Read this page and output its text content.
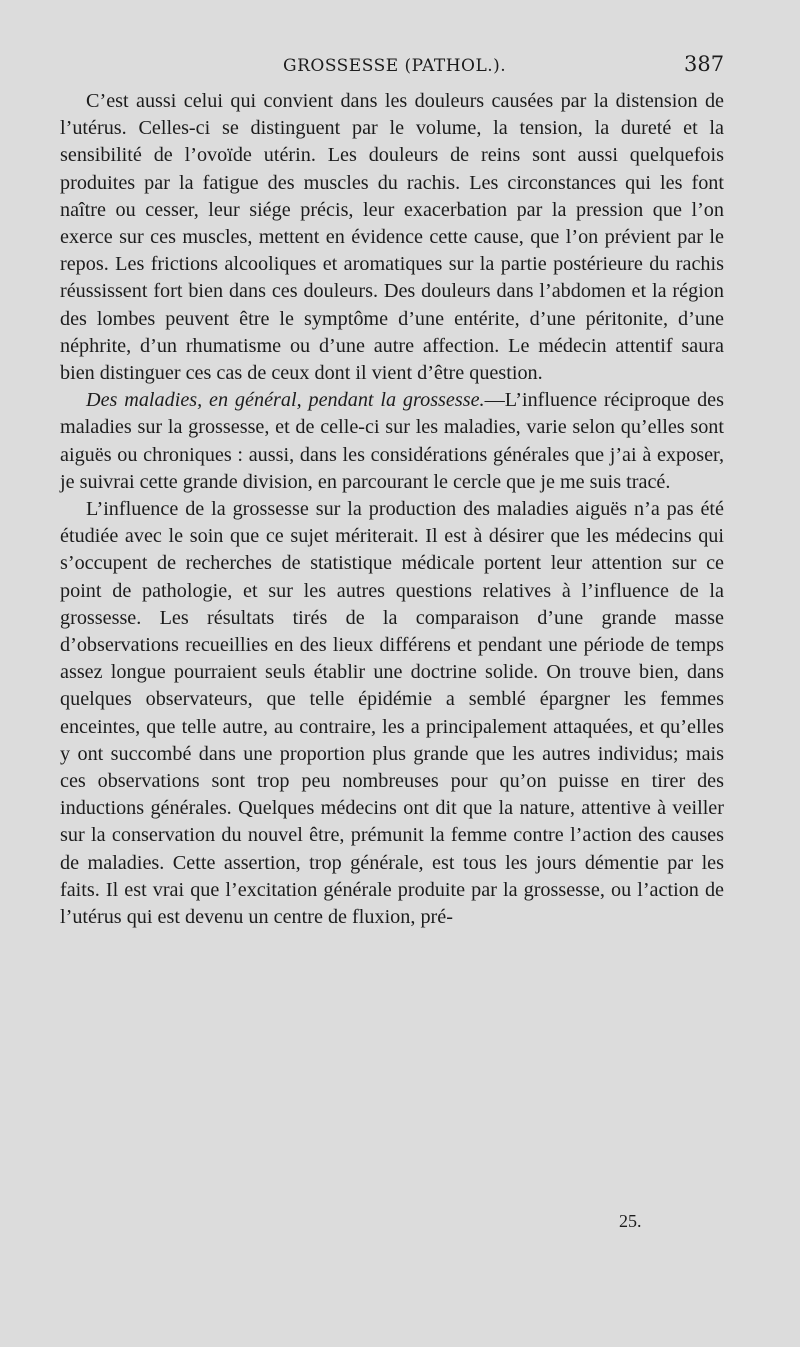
GROSSESSE (PATHOL.).	387

C’est aussi celui qui convient dans les douleurs causées par la distension de l’utérus. Celles-ci se distinguent par le volume, la tension, la dureté et la sensibilité de l’ovoïde utérin. Les douleurs de reins sont aussi quelquefois produites par la fatigue des muscles du rachis. Les circonstances qui les font naître ou cesser, leur siége précis, leur exacerbation par la pression que l’on exerce sur ces muscles, mettent en évidence cette cause, que l’on prévient par le repos. Les frictions alcooliques et aromatiques sur la partie postérieure du rachis réussissent fort bien dans ces douleurs. Des douleurs dans l’abdomen et la région des lombes peuvent être le symptôme d’une entérite, d’une péritonite, d’une néphrite, d’un rhumatisme ou d’une autre affection. Le médecin attentif saura bien distinguer ces cas de ceux dont il vient d’être question.

Des maladies, en général, pendant la grossesse.—L’influence réciproque des maladies sur la grossesse, et de celle-ci sur les maladies, varie selon qu’elles sont aiguës ou chroniques : aussi, dans les considérations générales que j’ai à exposer, je suivrai cette grande division, en parcourant le cercle que je me suis tracé.

L’influence de la grossesse sur la production des maladies aiguës n’a pas été étudiée avec le soin que ce sujet mériterait. Il est à désirer que les médecins qui s’occupent de recherches de statistique médicale portent leur attention sur ce point de pathologie, et sur les autres questions relatives à l’influence de la grossesse. Les résultats tirés de la comparaison d’une grande masse d’observations recueillies en des lieux différens et pendant une période de temps assez longue pourraient seuls établir une doctrine solide. On trouve bien, dans quelques observateurs, que telle épidémie a semblé épargner les femmes enceintes, que telle autre, au contraire, les a principalement attaquées, et qu’elles y ont succombé dans une proportion plus grande que les autres individus; mais ces observations sont trop peu nombreuses pour qu’on puisse en tirer des inductions générales. Quelques médecins ont dit que la nature, attentive à veiller sur la conservation du nouvel être, prémunit la femme contre l’action des causes de maladies. Cette assertion, trop générale, est tous les jours démentie par les faits. Il est vrai que l’excitation générale produite par la grossesse, ou l’action de l’utérus qui est devenu un centre de fluxion, pré-

25.
